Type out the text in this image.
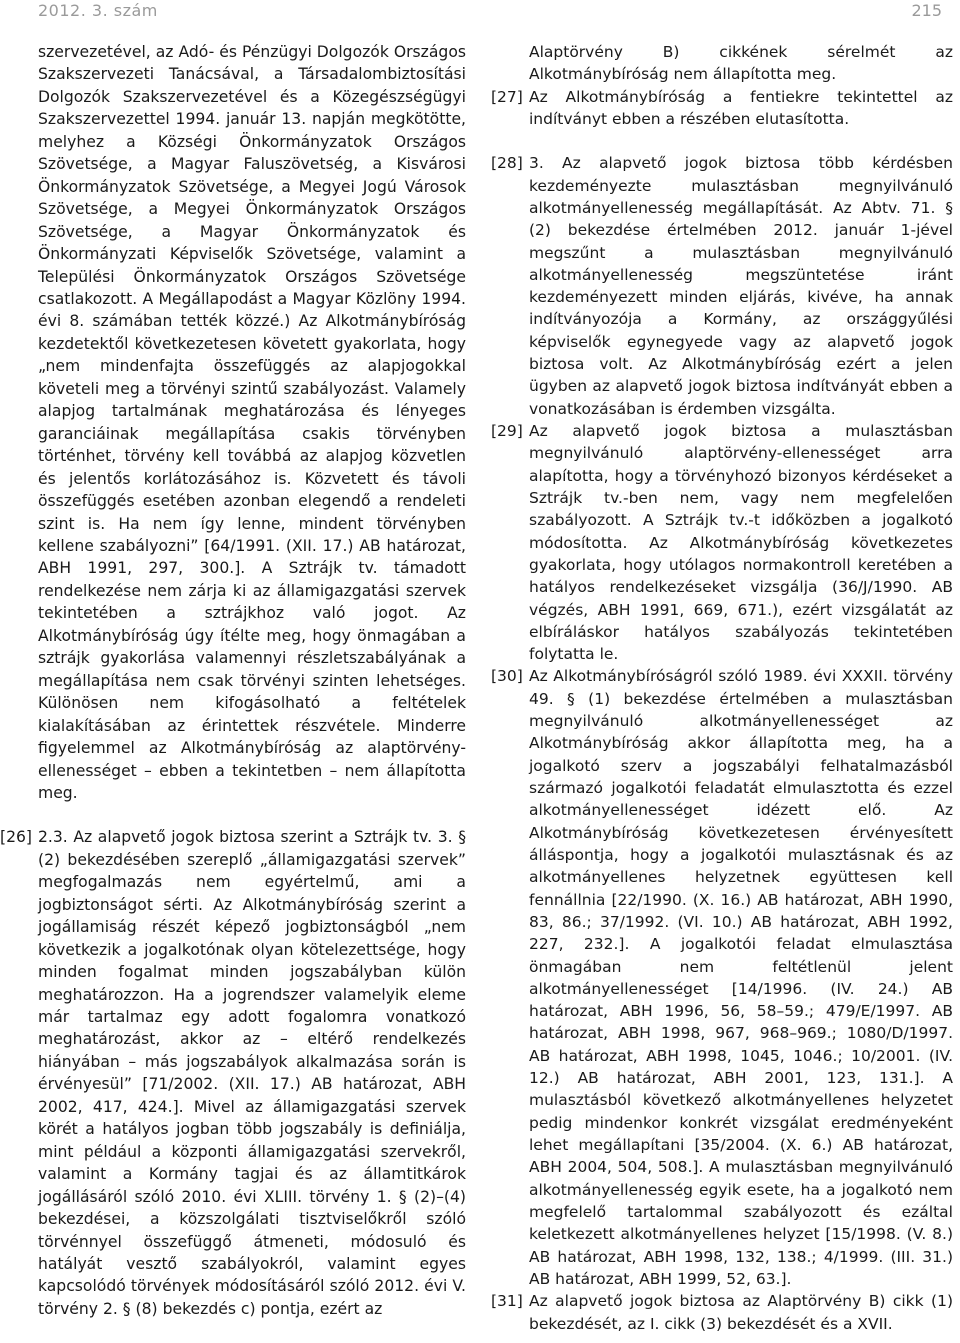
2012. 3. szám	215

szervezetével, az Adó- és Pénzügyi Dolgozók Országos Szakszervezeti Tanácsával, a Társadalombiztosítási Dolgozók Szakszervezetével és a Közegészségügyi Szakszervezettel 1994. január 13. napján megkötötte, melyhez a Községi Önkormányzatok Országos Szövetsége, a Magyar Faluszövetség, a Kisvárosi Önkormányzatok Szövetsége, a Megyei Jogú Városok Szövetsége, a Megyei Önkormányzatok Országos Szövetsége, a Magyar Önkormányzatok és Önkormányzati Képviselők Szövetsége, valamint a Települési Önkormányzatok Országos Szövetsége csatlakozott. A Megállapodást a Magyar Közlöny 1994. évi 8. számában tették közzé.) Az Alkotmánybíróság kezdetektől következetesen követett gyakorlata, hogy „nem mindenfajta összefüggés az alapjogokkal követeli meg a törvényi szintű szabályozást. Valamely alapjog tartalmának meghatározása és lényeges garanciáinak megállapítása csakis törvényben történhet, törvény kell továbbá az alapjog közvetlen és jelentős korlátozásához is. Közvetett és távoli összefüggés esetében azonban elegendő a rendeleti szint is. Ha nem így lenne, mindent törvényben kellene szabályozni” [64/1991. (XII. 17.) AB határozat, ABH 1991, 297, 300.]. A Sztrájk tv. támadott rendelkezése nem zárja ki az államigazgatási szervek tekintetében a sztrájkhoz való jogot. Az Alkotmánybíróság úgy ítélte meg, hogy önmagában a sztrájk gyakorlása valamennyi részletszabályának a megállapítása nem csak törvényi szinten lehetséges. Különösen nem kifogásolható a feltételek kialakításában az érintettek részvétele. Minderre figyelemmel az Alkotmánybíróság az alaptörvény-ellenességet – ebben a tekintetben – nem állapította meg.

[26] 2.3. Az alapvető jogok biztosa szerint a Sztrájk tv. 3. § (2) bekezdésében szereplő „államigazgatási szervek” megfogalmazás nem egyértelmű, ami a jogbiztonságot sérti. Az Alkotmánybíróság szerint a jogállamiság részét képező jogbiztonságból „nem következik a jogalkotónak olyan kötelezettsége, hogy minden fogalmat minden jogszabályban külön meghatározzon. Ha a jogrendszer valamelyik eleme már tartalmaz egy adott fogalomra vonatkozó meghatározást, akkor az – eltérő rendelkezés hiányában – más jogszabályok alkalmazása során is érvényesül” [71/2002. (XII. 17.) AB határozat, ABH 2002, 417, 424.]. Mivel az államigazgatási szervek körét a hatályos jogban több jogszabály is definiálja, mint például a központi államigazgatási szervekről, valamint a Kormány tagjai és az államtitkárok jogállásáról szóló 2010. évi XLIII. törvény 1. § (2)–(4) bekezdései, a közszolgálati tisztviselőkről szóló törvénnyel összefüggő átmeneti, módosuló és hatályát vesztő szabályokról, valamint egyes kapcsolódó törvények módosításáról szóló 2012. évi V. törvény 2. § (8) bekezdés c) pontja, ezért az

Alaptörvény B) cikkének sérelmét az Alkotmánybíróság nem állapította meg.

[27] Az Alkotmánybíróság a fentiekre tekintettel az indítványt ebben a részében elutasította.

[28] 3. Az alapvető jogok biztosa több kérdésben kezdeményezte mulasztásban megnyilvánuló alkotmányellenesség megállapítását. Az Abtv. 71. § (2) bekezdése értelmében 2012. január 1-jével megszűnt a mulasztásban megnyilvánuló alkotmányellenesség megszüntetése iránt kezdeményezett minden eljárás, kivéve, ha annak indítványozója a Kormány, az országgyűlési képviselők egynegyede vagy az alapvető jogok biztosa volt. Az Alkotmánybíróság ezért a jelen ügyben az alapvető jogok biztosa indítványát ebben a vonatkozásában is érdemben vizsgálta.

[29] Az alapvető jogok biztosa a mulasztásban megnyilvánuló alaptörvény-ellenességet arra alapította, hogy a törvényhozó bizonyos kérdéseket a Sztrájk tv.-ben nem, vagy nem megfelelően szabályozott. A Sztrájk tv.-t időközben a jogalkotó módosította. Az Alkotmánybíróság következetes gyakorlata, hogy utólagos normakontroll keretében a hatályos rendelkezéseket vizsgálja (36/J/1990. AB végzés, ABH 1991, 669, 671.), ezért vizsgálatát az elbíráláskor hatályos szabályozás tekintetében folytatta le.

[30] Az Alkotmánybíróságról szóló 1989. évi XXXII. törvény 49. § (1) bekezdése értelmében a mulasztásban megnyilvánuló alkotmányellenességet az Alkotmánybíróság akkor állapította meg, ha a jogalkotó szerv a jogszabályi felhatalmazásból származó jogalkotói feladatát elmulasztotta és ezzel alkotmányellenességet idézett elő. Az Alkotmánybíróság következetesen érvényesített álláspontja, hogy a jogalkotói mulasztásnak és az alkotmányellenes helyzetnek együttesen kell fennállnia [22/1990. (X. 16.) AB határozat, ABH 1990, 83, 86.; 37/1992. (VI. 10.) AB határozat, ABH 1992, 227, 232.]. A jogalkotói feladat elmulasztása önmagában nem feltétlenül jelent alkotmányellenességet [14/1996. (IV. 24.) AB határozat, ABH 1996, 56, 58–59.; 479/E/1997. AB határozat, ABH 1998, 967, 968–969.; 1080/D/1997. AB határozat, ABH 1998, 1045, 1046.; 10/2001. (IV. 12.) AB határozat, ABH 2001, 123, 131.]. A mulasztásból következő alkotmányellenes helyzetet pedig mindenkor konkrét vizsgálat eredményeként lehet megállapítani [35/2004. (X. 6.) AB határozat, ABH 2004, 504, 508.]. A mulasztásban megnyilvánuló alkotmányellenesség egyik esete, ha a jogalkotó nem megfelelő tartalommal szabályozott és ezáltal keletkezett alkotmányellenes helyzet [15/1998. (V. 8.) AB határozat, ABH 1998, 132, 138.; 4/1999. (III. 31.) AB határozat, ABH 1999, 52, 63.].

[31] Az alapvető jogok biztosa az Alaptörvény B) cikk (1) bekezdését, az I. cikk (3) bekezdését és a XVII.
